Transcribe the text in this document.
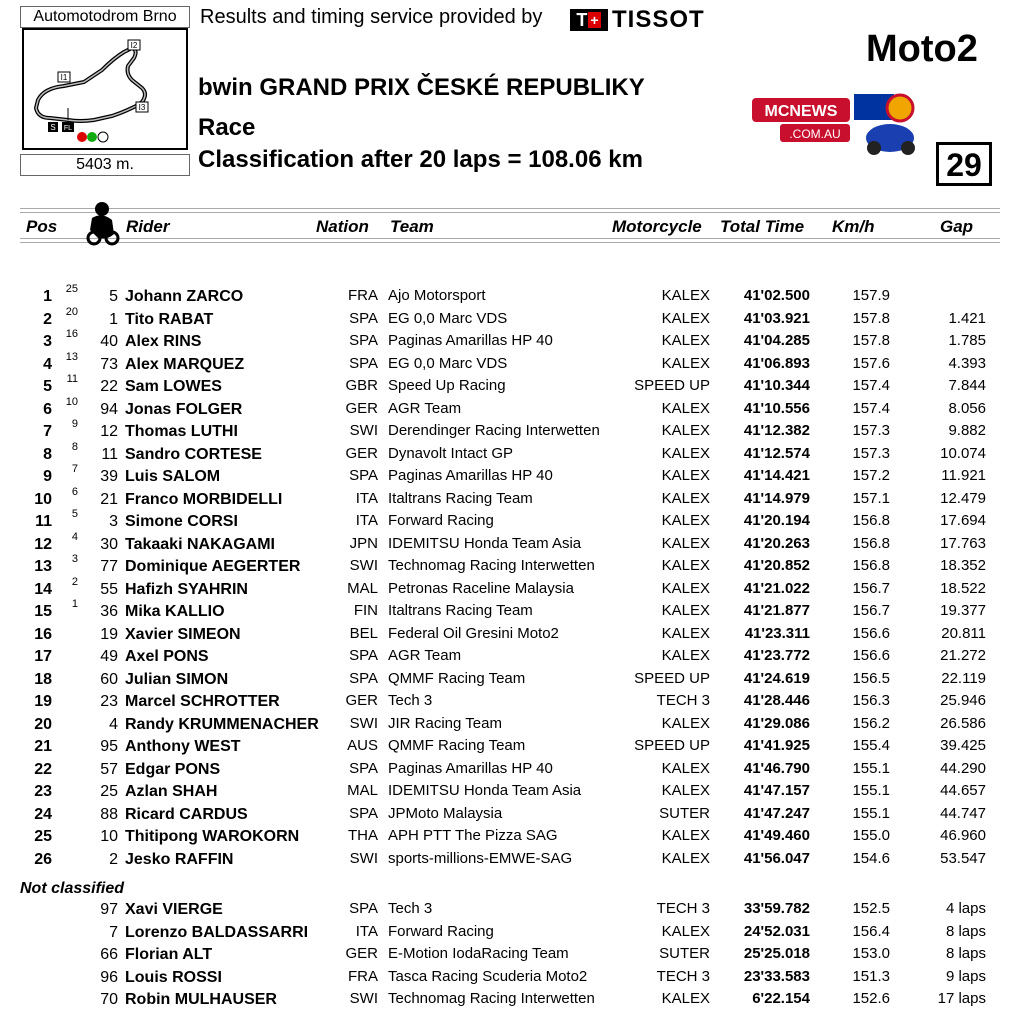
Automotodrom Brno
I1
I2
I3
S FL
5403 m.
Results and timing service provided by	T + TISSOT
Moto2
bwin GRAND PRIX ČESKÉ REPUBLIKY
Race
Classification after 20 laps = 108.06 km
MCNEWS
.COM.AU
29
Pos	Rider	Nation Team	Motorcycle Total Time Km/h	Gap
1	25	5 Johann ZARCO	FRA Ajo Motorsport	KALEX	41'02.500	157.9
2	20	1 Tito RABAT	SPA EG 0,0 Marc VDS	KALEX	41'03.921	157.8	1.421
3	16	40 Alex RINS	SPA Paginas Amarillas HP 40	KALEX	41'04.285	157.8	1.785
4	13	73 Alex MARQUEZ	SPA EG 0,0 Marc VDS	KALEX	41'06.893	157.6	4.393
5	11	22 Sam LOWES	GBR Speed Up Racing	SPEED UP	41'10.344	157.4	7.844
6	10	94 Jonas FOLGER	GER AGR Team	KALEX	41'10.556	157.4	8.056
7	9	12 Thomas LUTHI	SWI Derendinger Racing Interwetten	KALEX	41'12.382	157.3	9.882
8	8	11 Sandro CORTESE	GER Dynavolt Intact GP	KALEX	41'12.574	157.3	10.074
9	7	39 Luis SALOM	SPA Paginas Amarillas HP 40	KALEX	41'14.421	157.2	11.921
10	6	21 Franco MORBIDELLI	ITA Italtrans Racing Team	KALEX	41'14.979	157.1	12.479
11	5	3 Simone CORSI	ITA Forward Racing	KALEX	41'20.194	156.8	17.694
12	4	30 Takaaki NAKAGAMI	JPN IDEMITSU Honda Team Asia	KALEX	41'20.263	156.8	17.763
13	3	77 Dominique AEGERTER	SWI Technomag Racing Interwetten	KALEX	41'20.852	156.8	18.352
14	2	55 Hafizh SYAHRIN	MAL Petronas Raceline Malaysia	KALEX	41'21.022	156.7	18.522
15	1	36 Mika KALLIO	FIN Italtrans Racing Team	KALEX	41'21.877	156.7	19.377
16	19 Xavier SIMEON	BEL Federal Oil Gresini Moto2	KALEX	41'23.311	156.6	20.811
17	49 Axel PONS	SPA AGR Team	KALEX	41'23.772	156.6	21.272
18	60 Julian SIMON	SPA QMMF Racing Team	SPEED UP	41'24.619	156.5	22.119
19	23 Marcel SCHROTTER	GER Tech 3	TECH 3	41'28.446	156.3	25.946
20	4 Randy KRUMMENACHER	SWI JIR Racing Team	KALEX	41'29.086	156.2	26.586
21	95 Anthony WEST	AUS QMMF Racing Team	SPEED UP	41'41.925	155.4	39.425
22	57 Edgar PONS	SPA Paginas Amarillas HP 40	KALEX	41'46.790	155.1	44.290
23	25 Azlan SHAH	MAL IDEMITSU Honda Team Asia	KALEX	41'47.157	155.1	44.657
24	88 Ricard CARDUS	SPA JPMoto Malaysia	SUTER	41'47.247	155.1	44.747
25	10 Thitipong WAROKORN	THA APH PTT The Pizza SAG	KALEX	41'49.460	155.0	46.960
26	2 Jesko RAFFIN	SWI sports-millions-EMWE-SAG	KALEX	41'56.047	154.6	53.547
Not classified
97 Xavi VIERGE	SPA Tech 3	TECH 3	33'59.782	152.5	4 laps
7 Lorenzo BALDASSARRI	ITA Forward Racing	KALEX	24'52.031	156.4	8 laps
66 Florian ALT	GER E-Motion IodaRacing Team	SUTER	25'25.018	153.0	8 laps
96 Louis ROSSI	FRA Tasca Racing Scuderia Moto2	TECH 3	23'33.583	151.3	9 laps
70 Robin MULHAUSER	SWI Technomag Racing Interwetten	KALEX	6'22.154	152.6	17 laps
